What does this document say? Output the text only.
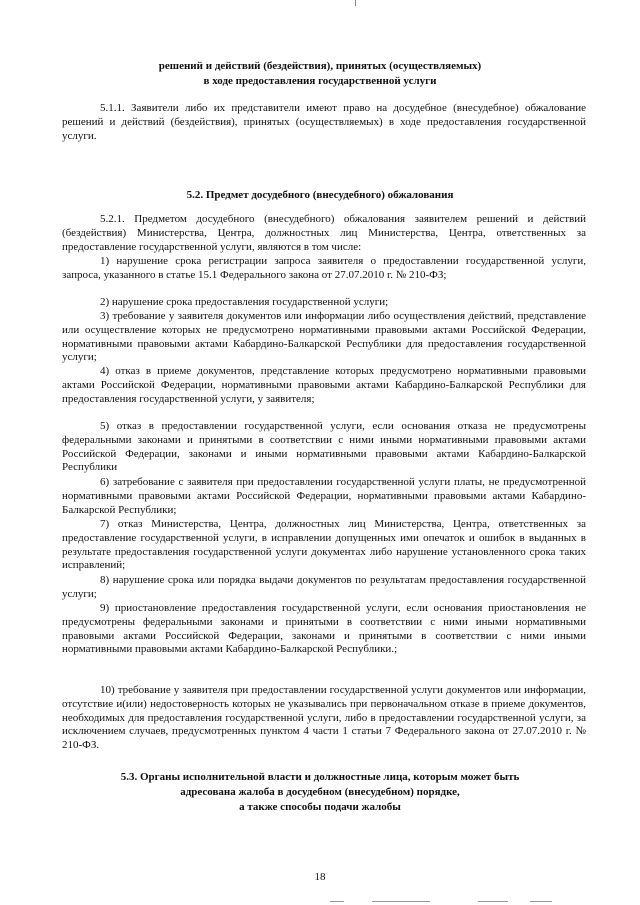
решений и действий (бездействия), принятых (осуществляемых)
в ходе предоставления государственной услуги

5.1.1. Заявители либо их представители имеют право на досудебное (внесудебное) обжалование решений и действий (бездействия), принятых (осуществляемых) в ходе предоставления государственной услуги.

5.2. Предмет досудебного (внесудебного) обжалования

5.2.1. Предметом досудебного (внесудебного) обжалования заявителем решений и действий (бездействия) Министерства, Центра, должностных лиц Министерства, Центра, ответственных за предоставление государственной услуги, являются в том числе:

1) нарушение срока регистрации запроса заявителя о предоставлении государственной услуги, запроса, указанного в статье 15.1 Федерального закона от 27.07.2010 г. № 210-ФЗ;

2) нарушение срока предоставления государственной услуги;

3) требование у заявителя документов или информации либо осуществления действий, представление или осуществление которых не предусмотрено нормативными правовыми актами Российской Федерации, нормативными правовыми актами Кабардино-Балкарской Республики для предоставления государственной услуги;

4) отказ в приеме документов, представление которых предусмотрено нормативными правовыми актами Российской Федерации, нормативными правовыми актами Кабардино-Балкарской Республики для предоставления государственной услуги, у заявителя;

5) отказ в предоставлении государственной услуги, если основания отказа не предусмотрены федеральными законами и принятыми в соответствии с ними иными нормативными правовыми актами Российской Федерации, законами и иными нормативными правовыми актами Кабардино-Балкарской Республики

6) затребование с заявителя при предоставлении государственной услуги платы, не предусмотренной нормативными правовыми актами Российской Федерации, нормативными правовыми актами Кабардино-Балкарской Республики;

7) отказ Министерства, Центра, должностных лиц Министерства, Центра, ответственных за предоставление государственной услуги, в исправлении допущенных ими опечаток и ошибок в выданных в результате предоставления государственной услуги документах либо нарушение установленного срока таких исправлений;

8) нарушение срока или порядка выдачи документов по результатам предоставления государственной услуги;

9) приостановление предоставления государственной услуги, если основания приостановления не предусмотрены федеральными законами и принятыми в соответствии с ними иными нормативными правовыми актами Российской Федерации, законами и принятыми в соответствии с ними иными нормативными правовыми актами Кабардино-Балкарской Республики.;

10) требование у заявителя при предоставлении государственной услуги документов или информации, отсутствие и(или) недостоверность которых не указывались при первоначальном отказе в приеме документов, необходимых для предоставления государственной услуги, либо в предоставлении государственной услуги, за исключением случаев, предусмотренных пунктом 4 части 1 статьи 7 Федерального закона от 27.07.2010 г. № 210-ФЗ.

5.3. Органы исполнительной власти и должностные лица, которым может быть
адресована жалоба в досудебном (внесудебном) порядке,
а также способы подачи жалобы
18
